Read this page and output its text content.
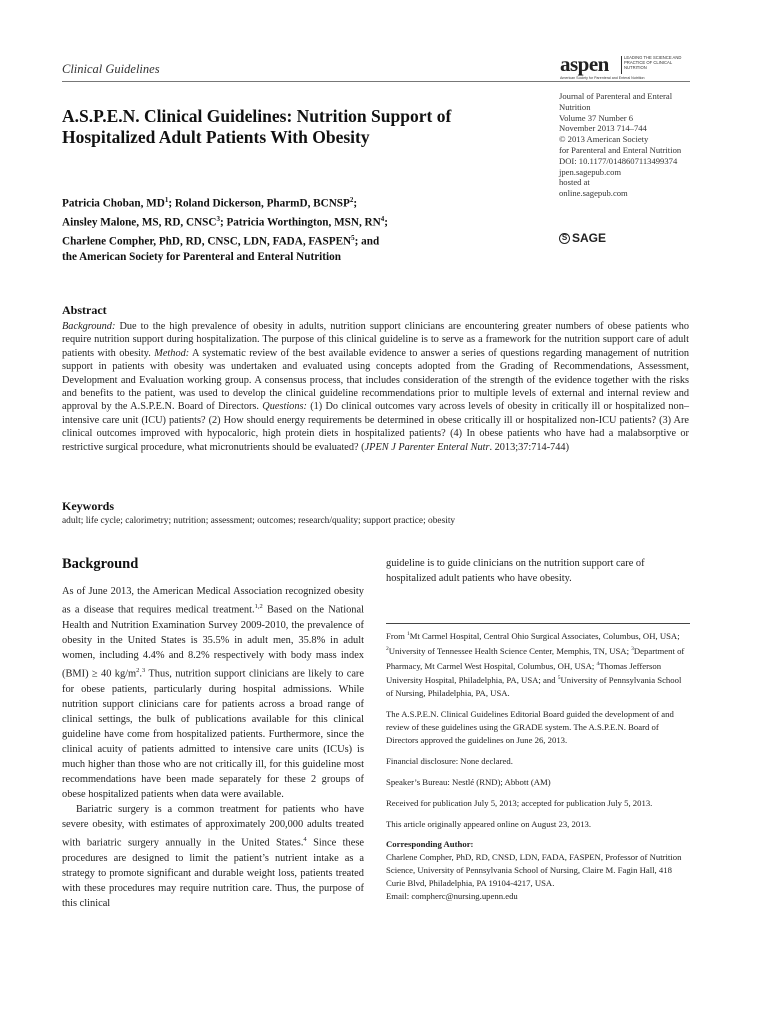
Clinical Guidelines	aspen	LEADING THE SCIENCE AND PRACTICE OF CLINICAL NUTRITION
American Society for Parenteral and Enteral Nutrition
A.S.P.E.N. Clinical Guidelines: Nutrition Support of Hospitalized Adult Patients With Obesity
Journal of Parenteral and Enteral
Nutrition
Volume 37 Number 6
November 2013 714–744
© 2013 American Society
for Parenteral and Enteral Nutrition
DOI: 10.1177/0148607113499374
jpen.sagepub.com
hosted at
online.sagepub.com
S SAGE
Patricia Choban, $MD^1$; Roland Dickerson, PharmD, BCNSP$^2$;
Ainsley Malone, MS, RD, CNSC$^3$; Patricia Worthington, MSN, $RN^4$;
Charlene Compher, PhD, RD, CNSC, LDN, FADA, FASPEN$^5$; and
the American Society for Parenteral and Enteral Nutrition
Abstract
Background: Due to the high prevalence of obesity in adults, nutrition support clinicians are encountering greater numbers of obese patients who require nutrition support during hospitalization. The purpose of this clinical guideline is to serve as a framework for the nutrition support care of adult patients with obesity. Method: A systematic review of the best available evidence to answer a series of questions regarding management of nutrition support in patients with obesity was undertaken and evaluated using concepts adopted from the Grading of Recommendations, Assessment, Development and Evaluation working group. A consensus process, that includes consideration of the strength of the evidence together with the risks and benefits to the patient, was used to develop the clinical guideline recommendations prior to multiple levels of external and internal review and approval by the A.S.P.E.N. Board of Directors. Questions: (1) Do clinical outcomes vary across levels of obesity in critically ill or hospitalized non–intensive care unit (ICU) patients? (2) How should energy requirements be determined in obese critically ill or hospitalized non-ICU patients? (3) Are clinical outcomes improved with hypocaloric, high protein diets in hospitalized patients? (4) In obese patients who have had a malabsorptive or restrictive surgical procedure, what micronutrients should be evaluated? (JPEN J Parenter Enteral Nutr. 2013;37:714-744)
Keywords
adult; life cycle; calorimetry; nutrition; assessment; outcomes; research/quality; support practice; obesity
Background

As of June 2013, the American Medical Association recognized obesity as a disease that requires medical treatment.$^{1,2}$ Based on the National Health and Nutrition Examination Survey 2009-2010, the prevalence of obesity in the United States is 35.5% in adult men, 35.8% in adult women, including 4.4% and 8.2% respectively with body mass index (BMI) ≥ 40 $kg/m^2.^3$ Thus, nutrition support clinicians are likely to care for obese patients, particularly during hospital admissions. While nutrition support clinicians care for patients across a broad range of clinical settings, the bulk of publications available for this clinical guideline have come from hospitalized patients. Furthermore, since the clinical acuity of patients admitted to intensive care units (ICUs) is much higher than those who are not critically ill, for this guideline most recommendations have been made separately for these 2 groups of obese hospitalized patients when data were available.

Bariatric surgery is a common treatment for patients who have severe obesity, with estimates of approximately 200,000 adults treated with bariatric surgery annually in the United States.$^4$ Since these procedures are designed to limit the patient’s nutrient intake as a strategy to promote significant and durable weight loss, patients treated with these procedures may require nutrition care. Thus, the purpose of this clinical

guideline is to guide clinicians on the nutrition support care of hospitalized adult patients who have obesity.

From $^1$Mt Carmel Hospital, Central Ohio Surgical Associates, Columbus, OH, USA; $^2$University of Tennessee Health Science Center, Memphis, TN, USA; $^3$Department of Pharmacy, Mt Carmel West Hospital, Columbus, OH, USA; $^4$Thomas Jefferson University Hospital, Philadelphia, PA, USA; and $^5$University of Pennsylvania School of Nursing, Philadelphia, PA, USA.

The A.S.P.E.N. Clinical Guidelines Editorial Board guided the development of and review of these guidelines using the GRADE system. The A.S.P.E.N. Board of Directors approved the guidelines on June 26, 2013.

Financial disclosure: None declared.

Speaker’s Bureau: Nestlé (RND); Abbott (AM)

Received for publication July 5, 2013; accepted for publication July 5, 2013.

This article originally appeared online on August 23, 2013.

Corresponding Author:

Charlene Compher, PhD, RD, CNSD, LDN, FADA, FASPEN, Professor of Nutrition Science, University of Pennsylvania School of Nursing, Claire M. Fagin Hall, 418 Curie Blvd, Philadelphia, PA 19104-4217, USA.

Email: compherc@nursing.upenn.edu
